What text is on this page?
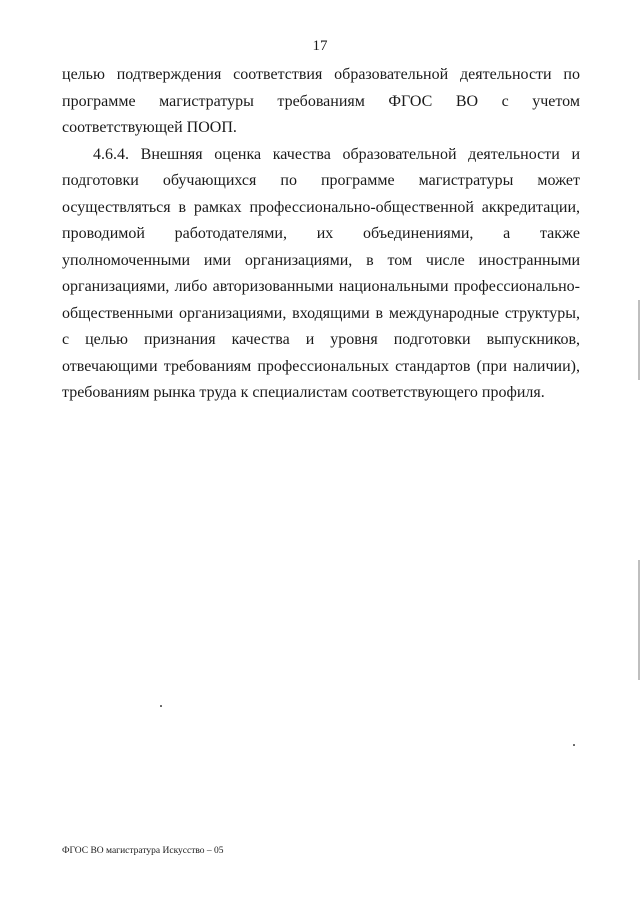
17

целью подтверждения соответствия образовательной деятельности по программе магистратуры требованиям ФГОС ВО с учетом соответствующей ПООП.

4.6.4. Внешняя оценка качества образовательной деятельности и подготовки обучающихся по программе магистратуры может осуществляться в рамках профессионально-общественной аккредитации, проводимой работодателями, их объединениями, а также уполномоченными ими организациями, в том числе иностранными организациями, либо авторизованными национальными профессионально-общественными организациями, входящими в международные структуры, с целью признания качества и уровня подготовки выпускников, отвечающими требованиям профессиональных стандартов (при наличии), требованиям рынка труда к специалистам соответствующего профиля.

ФГОС ВО магистратура Искусство – 05
